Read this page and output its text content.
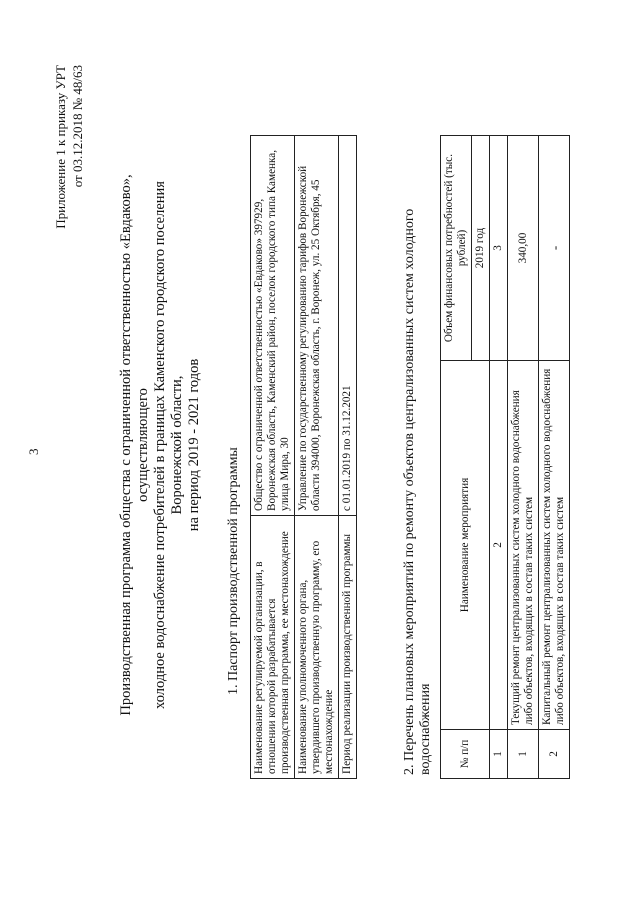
3
Приложение 1 к приказу УРТ от 03.12.2018 № 48/63
Производственная программа общества с ограниченной ответственностью «Евдаково», осуществляющего холодное водоснабжение потребителей в границах Каменского городского поселения Воронежской области, на период 2019 - 2021 годов
1. Паспорт производственной программы Наименование регулируемой организации, в отношении которой разрабатывается производственная программа, ее местонахождение	Общество с ограниченной ответственностью «Евдаково» 397929, Воронежская область, Каменский район, поселок городского типа Каменка, улица Мира, 30
Наименование уполномоченного органа, утвердившего производственную программу, его местонахождение	Управление по государственному регулированию тарифов Воронежской области 394000, Воронежская область, г. Воронеж, ул. 25 Октября, 45
Период реализации производственной программы	с 01.01.2019 по 31.12.2021	2. Перечень плановых мероприятий по ремонту объектов централизованных систем холодного водоснабжения № п/п	Наименование мероприятия	Объем финансовых потребностей (тыс. рублей)
		2019 год
1	2	3
1	Текущий ремонт централизованных систем холодного водоснабжения либо объектов, входящих в состав таких систем	340,00
2	Капитальный ремонт централизованных систем холодного водоснабжения либо объектов, входящих в состав таких систем	-
